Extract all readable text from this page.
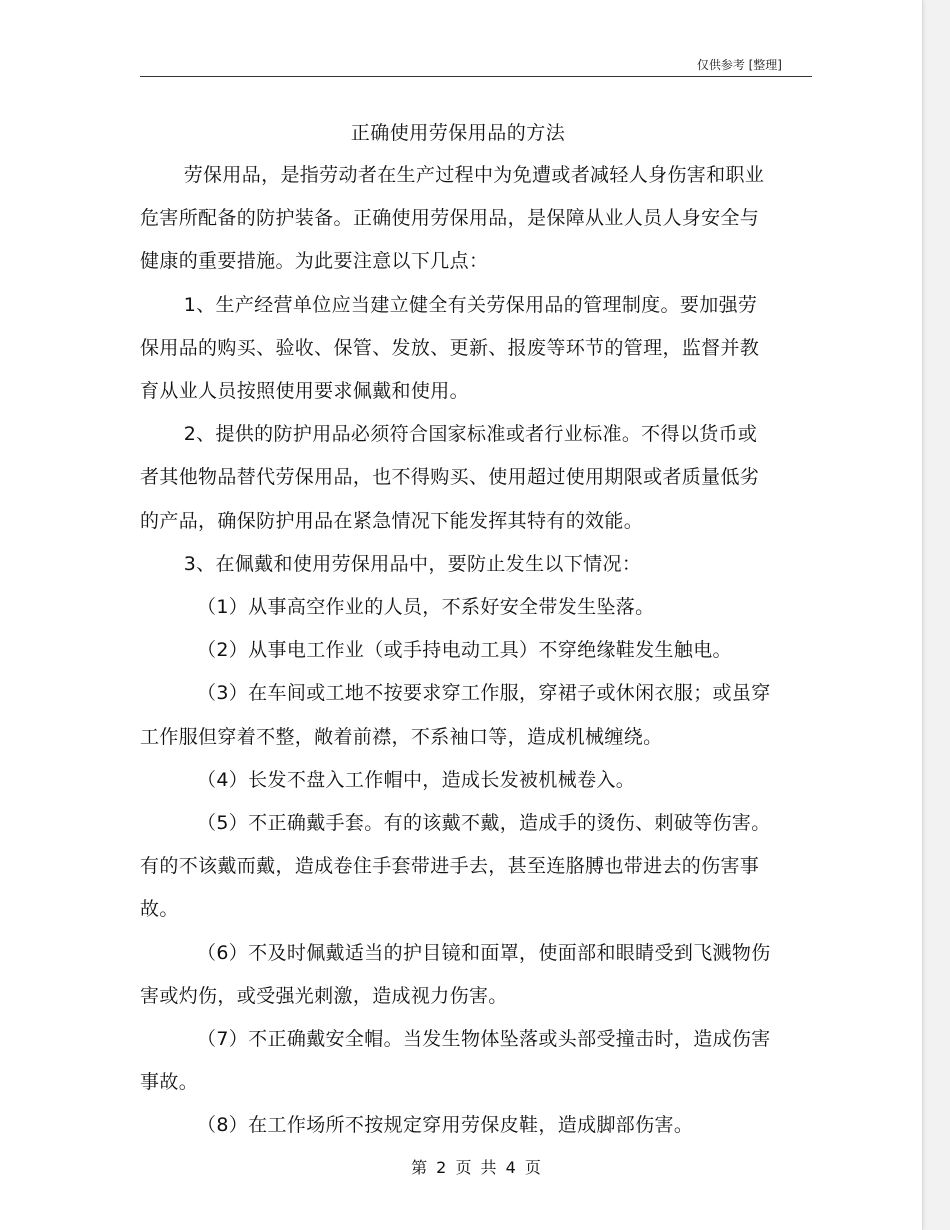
仅供参考 [整理]
正确使用劳保用品的方法

劳保用品，是指劳动者在生产过程中为免遭或者减轻人身伤害和职业危害所配备的防护装备。正确使用劳保用品，是保障从业人员人身安全与健康的重要措施。为此要注意以下几点：

1、生产经营单位应当建立健全有关劳保用品的管理制度。要加强劳保用品的购买、验收、保管、发放、更新、报废等环节的管理，监督并教育从业人员按照使用要求佩戴和使用。

2、提供的防护用品必须符合国家标准或者行业标准。不得以货币或者其他物品替代劳保用品，也不得购买、使用超过使用期限或者质量低劣的产品，确保防护用品在紧急情况下能发挥其特有的效能。

3、在佩戴和使用劳保用品中，要防止发生以下情况：

（1）从事高空作业的人员，不系好安全带发生坠落。

（2）从事电工作业（或手持电动工具）不穿绝缘鞋发生触电。

（3）在车间或工地不按要求穿工作服，穿裙子或休闲衣服；或虽穿工作服但穿着不整，敞着前襟，不系袖口等，造成机械缠绕。

（4）长发不盘入工作帽中，造成长发被机械卷入。

（5）不正确戴手套。有的该戴不戴，造成手的烫伤、刺破等伤害。有的不该戴而戴，造成卷住手套带进手去，甚至连胳膊也带进去的伤害事故。

（6）不及时佩戴适当的护目镜和面罩，使面部和眼睛受到飞溅物伤害或灼伤，或受强光刺激，造成视力伤害。

（7）不正确戴安全帽。当发生物体坠落或头部受撞击时，造成伤害事故。

（8）在工作场所不按规定穿用劳保皮鞋，造成脚部伤害。

第 2 页 共 4 页
